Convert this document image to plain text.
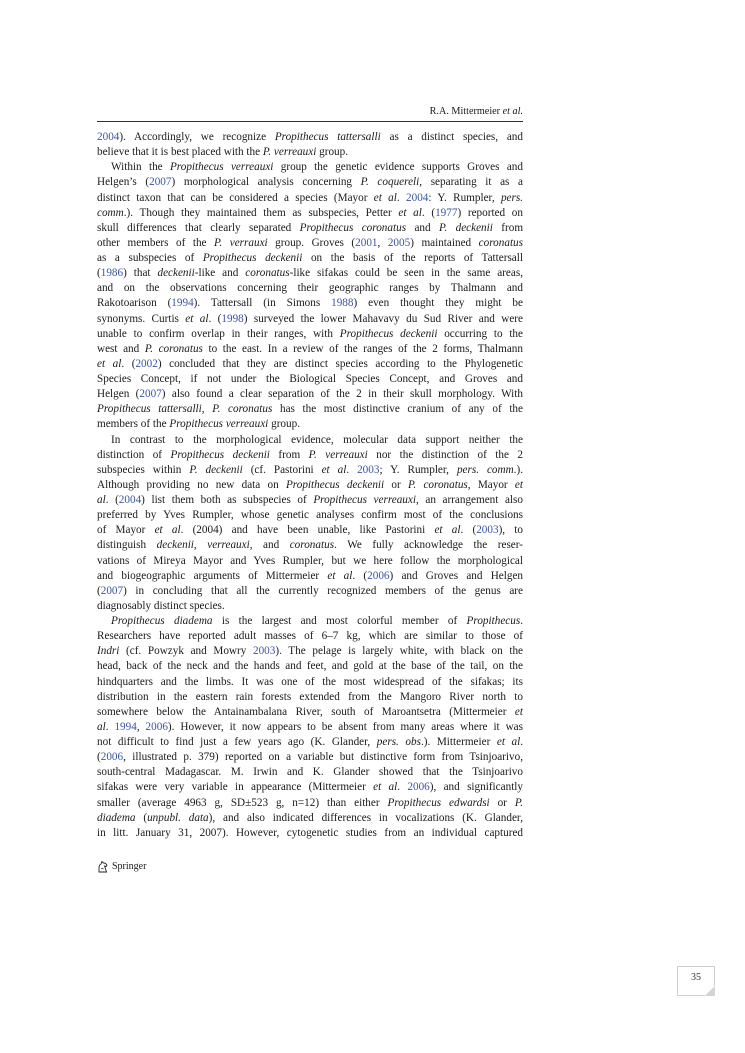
R.A. Mittermeier et al.
2004). Accordingly, we recognize Propithecus tattersalli as a distinct species, and
believe that it is best placed with the P. verreauxi group.
Within the Propithecus verreauxi group the genetic evidence supports Groves and
Helgen’s (2007) morphological analysis concerning P. coquereli, separating it as a
distinct taxon that can be considered a species (Mayor et al. 2004: Y. Rumpler, pers.
comm.). Though they maintained them as subspecies, Petter et al. (1977) reported on
skull differences that clearly separated Propithecus coronatus and P. deckenii from
other members of the P. verrauxi group. Groves (2001, 2005) maintained coronatus
as a subspecies of Propithecus deckenii on the basis of the reports of Tattersall
(1986) that deckenii-like and coronatus-like sifakas could be seen in the same areas,
and on the observations concerning their geographic ranges by Thalmann and
Rakotoarison (1994). Tattersall (in Simons 1988) even thought they might be
synonyms. Curtis et al. (1998) surveyed the lower Mahavavy du Sud River and were
unable to confirm overlap in their ranges, with Propithecus deckenii occurring to the
west and P. coronatus to the east. In a review of the ranges of the 2 forms, Thalmann
et al. (2002) concluded that they are distinct species according to the Phylogenetic
Species Concept, if not under the Biological Species Concept, and Groves and
Helgen (2007) also found a clear separation of the 2 in their skull morphology. With
Propithecus tattersalli, P. coronatus has the most distinctive cranium of any of the
members of the Propithecus verreauxi group.
In contrast to the morphological evidence, molecular data support neither the
distinction of Propithecus deckenii from P. verreauxi nor the distinction of the 2
subspecies within P. deckenii (cf. Pastorini et al. 2003; Y. Rumpler, pers. comm.).
Although providing no new data on Propithecus deckenii or P. coronatus, Mayor et
al. (2004) list them both as subspecies of Propithecus verreauxi, an arrangement also
preferred by Yves Rumpler, whose genetic analyses confirm most of the conclusions
of Mayor et al. (2004) and have been unable, like Pastorini et al. (2003), to
distinguish deckenii, verreauxi, and coronatus. We fully acknowledge the reser-
vations of Mireya Mayor and Yves Rumpler, but we here follow the morphological
and biogeographic arguments of Mittermeier et al. (2006) and Groves and Helgen
(2007) in concluding that all the currently recognized members of the genus are
diagnosably distinct species.
Propithecus diadema is the largest and most colorful member of Propithecus.
Researchers have reported adult masses of 6–7 kg, which are similar to those of
Indri (cf. Powzyk and Mowry 2003). The pelage is largely white, with black on the
head, back of the neck and the hands and feet, and gold at the base of the tail, on the
hindquarters and the limbs. It was one of the most widespread of the sifakas; its
distribution in the eastern rain forests extended from the Mangoro River north to
somewhere below the Antainambalana River, south of Maroantsetra (Mittermeier et
al. 1994, 2006). However, it now appears to be absent from many areas where it was
not difficult to find just a few years ago (K. Glander, pers. obs.). Mittermeier et al.
(2006, illustrated p. 379) reported on a variable but distinctive form from Tsinjoarivo,
south-central Madagascar. M. Irwin and K. Glander showed that the Tsinjoarivo
sifakas were very variable in appearance (Mittermeier et al. 2006), and significantly
smaller (average 4963 g, SD±523 g, n=12) than either Propithecus edwardsi or P.
diadema (unpubl. data), and also indicated differences in vocalizations (K. Glander,
in litt. January 31, 2007). However, cytogenetic studies from an individual captured
Springer
35
